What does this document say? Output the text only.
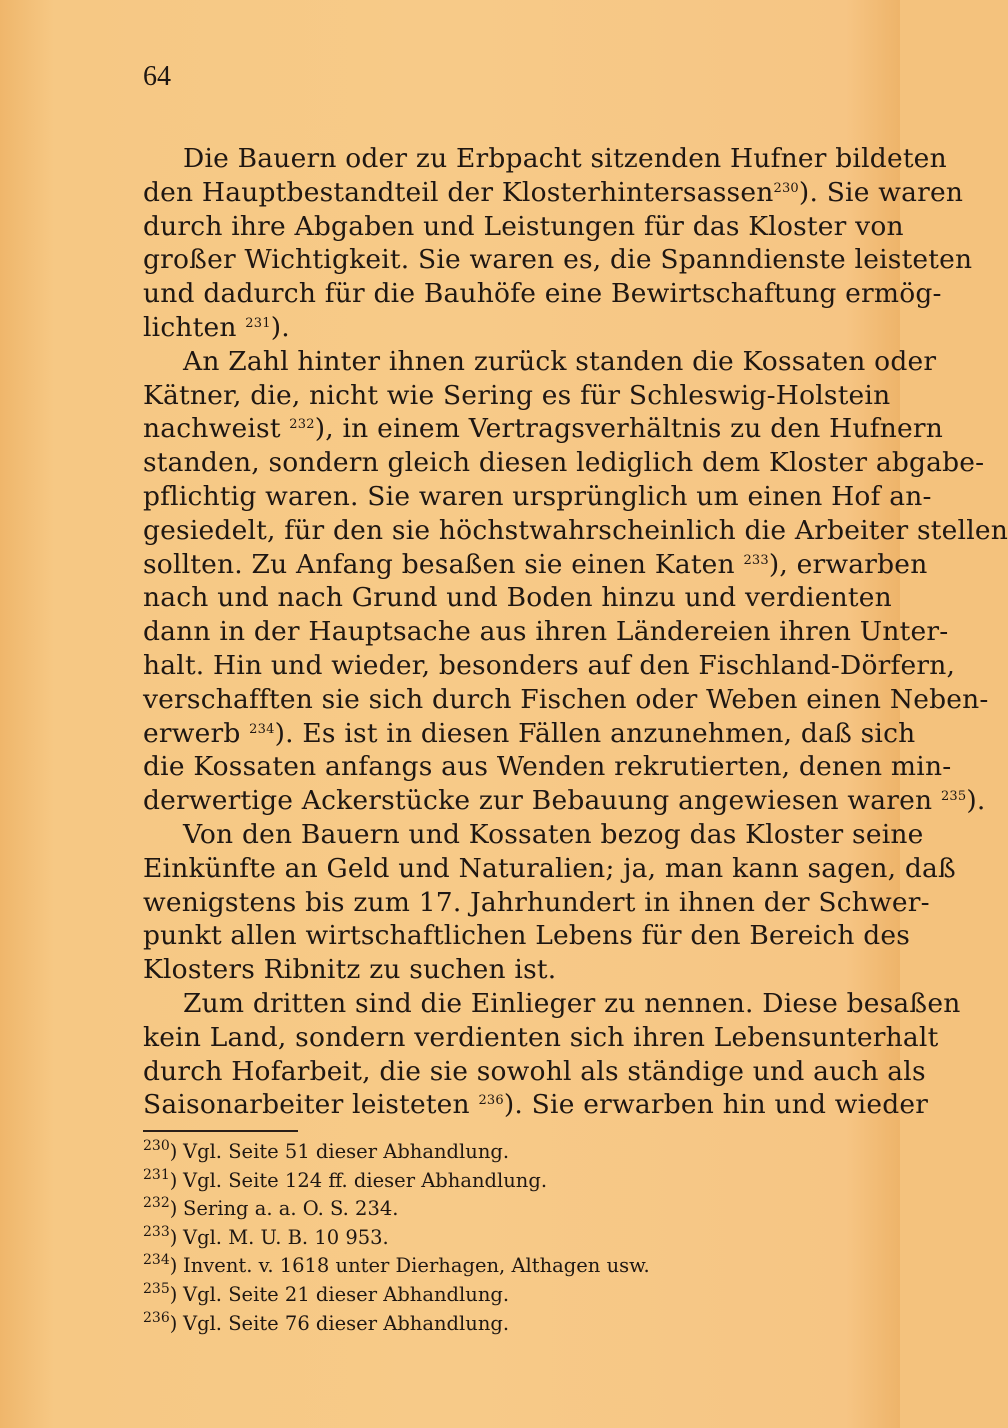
64

Die Bauern oder zu Erbpacht sitzenden Hufner bildeten
den Hauptbestandteil der Klosterhintersassen$^{230}$). Sie waren
durch ihre Abgaben und Leistungen für das Kloster von
großer Wichtigkeit. Sie waren es, die Spanndienste leisteten
und dadurch für die Bauhöfe eine Bewirtschaftung ermög-
lichten $^{231}$).

An Zahl hinter ihnen zurück standen die Kossaten oder
Kätner, die, nicht wie Sering es für Schleswig-Holstein
nachweist $^{232}$), in einem Vertragsverhältnis zu den Hufnern
standen, sondern gleich diesen lediglich dem Kloster abgabe-
pflichtig waren. Sie waren ursprünglich um einen Hof an-
gesiedelt, für den sie höchstwahrscheinlich die Arbeiter stellen
sollten. Zu Anfang besaßen sie einen Katen $^{233}$), erwarben
nach und nach Grund und Boden hinzu und verdienten
dann in der Hauptsache aus ihren Ländereien ihren Unter-
halt. Hin und wieder, besonders auf den Fischland-Dörfern,
verschafften sie sich durch Fischen oder Weben einen Neben-
erwerb $^{234}$). Es ist in diesen Fällen anzunehmen, daß sich
die Kossaten anfangs aus Wenden rekrutierten, denen min-
derwertige Ackerstücke zur Bebauung angewiesen waren $^{235}$).

Von den Bauern und Kossaten bezog das Kloster seine
Einkünfte an Geld und Naturalien; ja, man kann sagen, daß
wenigstens bis zum 17. Jahrhundert in ihnen der Schwer-
punkt allen wirtschaftlichen Lebens für den Bereich des
Klosters Ribnitz zu suchen ist.

Zum dritten sind die Einlieger zu nennen. Diese besaßen
kein Land, sondern verdienten sich ihren Lebensunterhalt
durch Hofarbeit, die sie sowohl als ständige und auch als
Saisonarbeiter leisteten $^{236}$). Sie erwarben hin und wieder

$^{230}$) Vgl. Seite 51 dieser Abhandlung.
$^{231}$) Vgl. Seite 124 ff. dieser Abhandlung.
$^{232}$) Sering a. a. O. S. 234.
$^{233}$) Vgl. M. U. B. 10 953.
$^{234}$) Invent. v. 1618 unter Dierhagen, Althagen usw.
$^{235}$) Vgl. Seite 21 dieser Abhandlung.
$^{236}$) Vgl. Seite 76 dieser Abhandlung.
